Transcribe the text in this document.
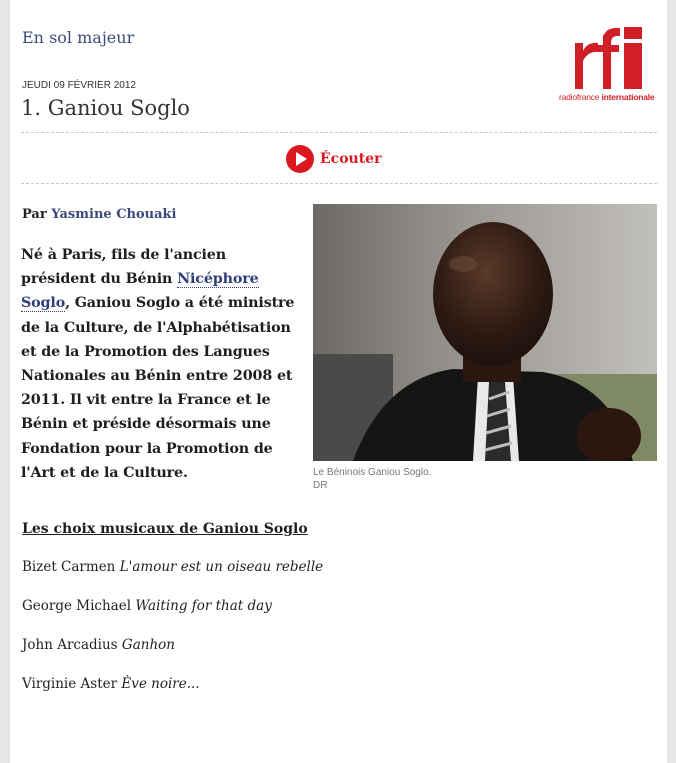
En sol majeur
radiofrance internationale
JEUDI 09 FÉVRIER 2012
1. Ganiou Soglo
Écouter
Par Yasmine Chouaki

Né à Paris, fils de l'ancien président du Bénin Nicéphore Soglo, Ganiou Soglo a été ministre de la Culture, de l'Alphabétisation et de la Promotion des Langues Nationales au Bénin entre 2008 et 2011. Il vit entre la France et le Bénin et préside désormais une Fondation pour la Promotion de l'Art et de la Culture.	Le Béninois Ganiou Soglo.
DR
Les choix musicaux de Ganiou Soglo
Bizet Carmen L'amour est un oiseau rebelle
George Michael Waiting for that day
John Arcadius Ganhon
Virginie Aster Ève noire...
